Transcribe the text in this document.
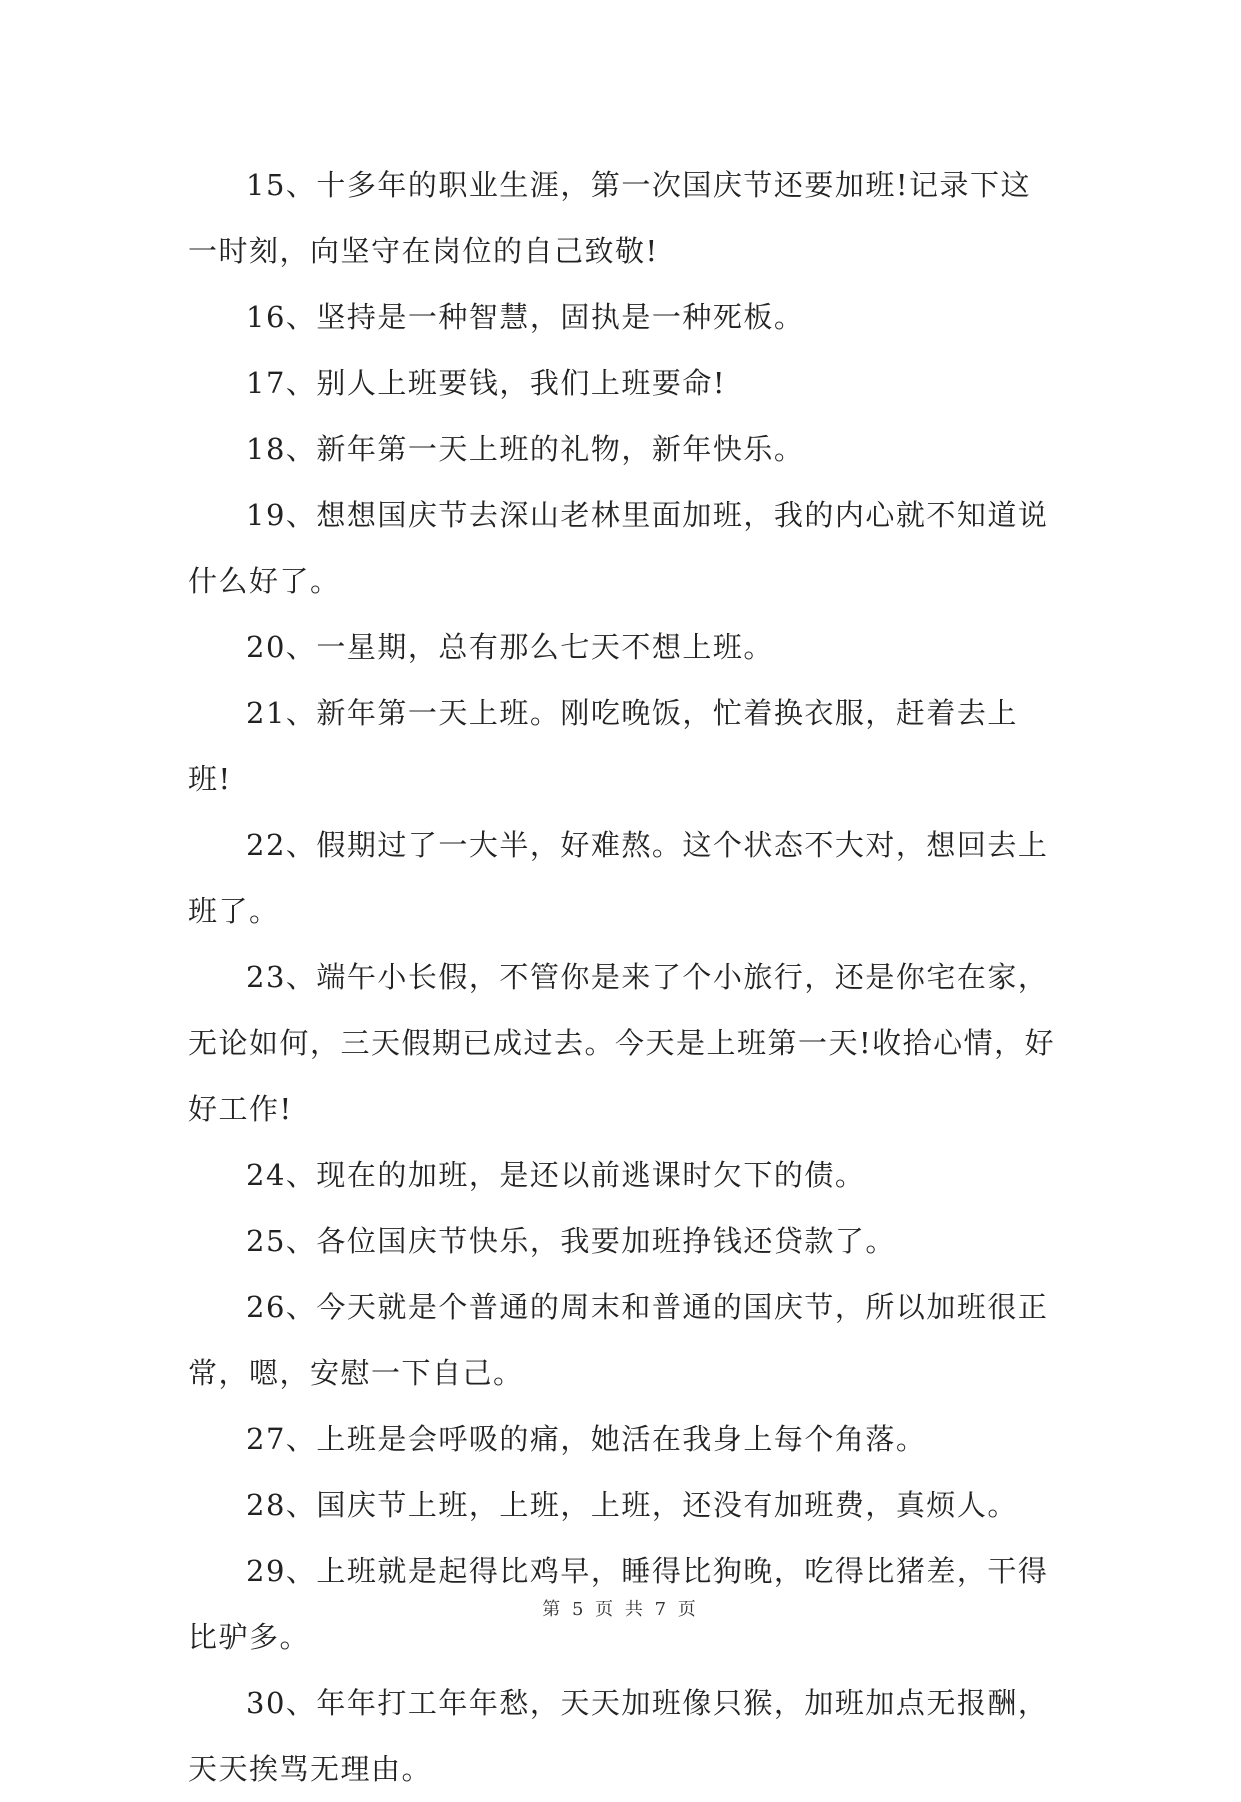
15、十多年的职业生涯，第一次国庆节还要加班!记录下这一时刻，向坚守在岗位的自己致敬!

16、坚持是一种智慧，固执是一种死板。

17、别人上班要钱，我们上班要命!

18、新年第一天上班的礼物，新年快乐。

19、想想国庆节去深山老林里面加班，我的内心就不知道说什么好了。

20、一星期，总有那么七天不想上班。

21、新年第一天上班。刚吃晚饭，忙着换衣服，赶着去上班!

22、假期过了一大半，好难熬。这个状态不大对，想回去上班了。

23、端午小长假，不管你是来了个小旅行，还是你宅在家，无论如何，三天假期已成过去。今天是上班第一天!收拾心情，好好工作!

24、现在的加班，是还以前逃课时欠下的债。

25、各位国庆节快乐，我要加班挣钱还贷款了。

26、今天就是个普通的周末和普通的国庆节，所以加班很正常，嗯，安慰一下自己。

27、上班是会呼吸的痛，她活在我身上每个角落。

28、国庆节上班，上班，上班，还没有加班费，真烦人。

29、上班就是起得比鸡早，睡得比狗晚，吃得比猪差，干得比驴多。

30、年年打工年年愁，天天加班像只猴，加班加点无报酬，天天挨骂无理由。

第 5 页 共 7 页
